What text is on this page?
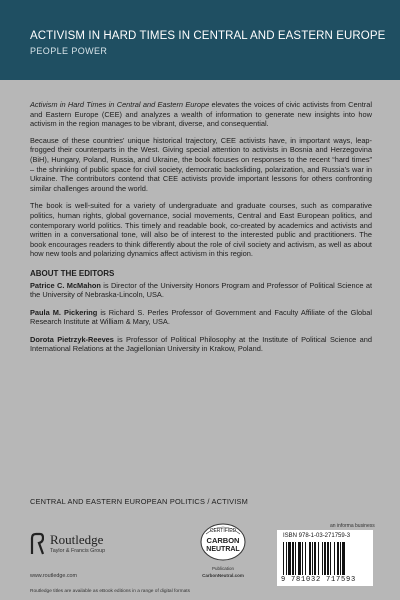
ACTIVISM IN HARD TIMES IN CENTRAL AND EASTERN EUROPE
PEOPLE POWER

Activism in Hard Times in Central and Eastern Europe elevates the voices of civic activists from Central and Eastern Europe (CEE) and analyzes a wealth of information to generate new insights into how activism in the region manages to be vibrant, diverse, and consequential.

Because of these countries’ unique historical trajectory, CEE activists have, in important ways, leap-frogged their counterparts in the West. Giving special attention to activists in Bosnia and Herzegovina (BiH), Hungary, Poland, Russia, and Ukraine, the book focuses on responses to the recent “hard times” – the shrinking of public space for civil society, democratic backsliding, polarization, and Russia’s war in Ukraine. The contributors contend that CEE activists provide important lessons for others confronting similar challenges around the world.

The book is well-suited for a variety of undergraduate and graduate courses, such as comparative politics, human rights, global governance, social movements, Central and East European politics, and contemporary world politics. This timely and readable book, co-created by academics and activists and written in a conversational tone, will also be of interest to the interested public and practitioners. The book encourages readers to think differently about the role of civil society and activism, as well as about how new tools and polarizing dynamics affect activism in this region.

ABOUT THE EDITORS

Patrice C. McMahon is Director of the University Honors Program and Professor of Political Science at the University of Nebraska-Lincoln, USA.

Paula M. Pickering is Richard S. Perles Professor of Government and Faculty Affiliate of the Global Research Institute at William & Mary, USA.

Dorota Pietrzyk-Reeves is Professor of Political Philosophy at the Institute of Political Science and International Relations at the Jagiellonian University in Krakow, Poland.

CENTRAL AND EASTERN EUROPEAN POLITICS / ACTIVISM
Routledge
Taylor & Francis Group
www.routledge.com
CERTIFIED
CARBON
NEUTRAL
Publication
CarbonNeutral.com
an informa business
ISBN 978-1-03-271759-3
9 781032 717593
Routledge titles are available as eBook editions in a range of digital formats
